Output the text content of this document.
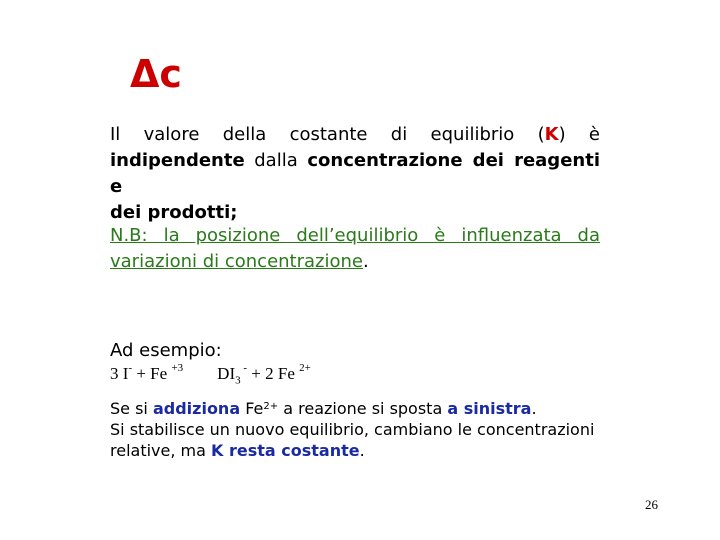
Δc
Il valore della costante di equilibrio (K) è
indipendente dalla concentrazione dei reagenti e
dei prodotti;
N.B: la posizione dell’equilibrio è influenzata da
variazioni di concentrazione.
Ad esempio:
3 I- + Fe $^{+3}$ $DI_3$ - + 2 Fe $^{2+}$
Se si addiziona $Fe^{2+}$ a reazione si sposta a sinistra.
Si stabilisce un nuovo equilibrio, cambiano le concentrazioni
relative, ma K resta costante.
26
